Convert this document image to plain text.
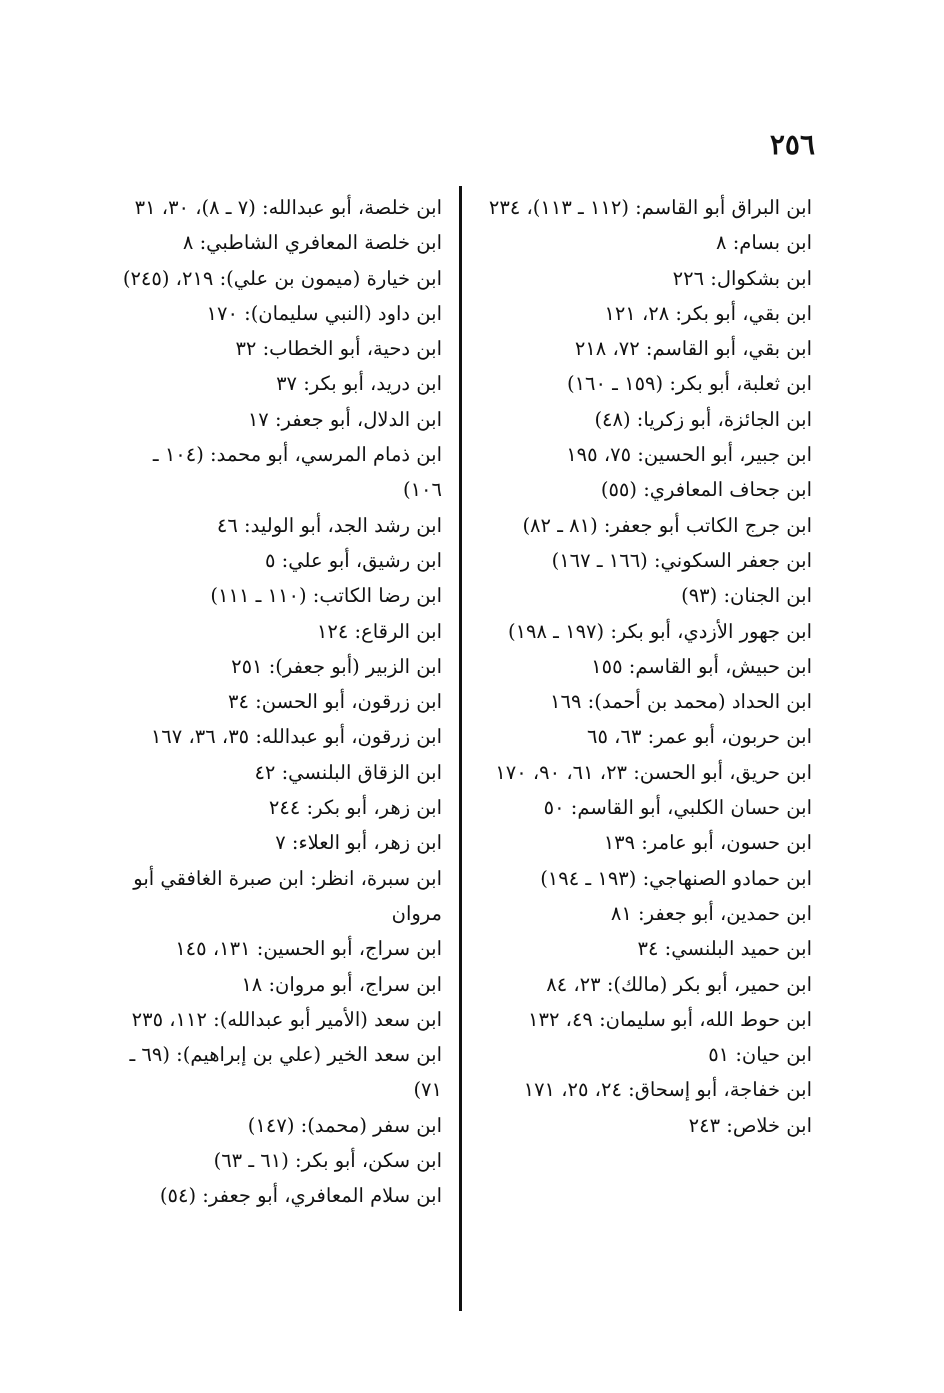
٢٥٦

ابن البراق أبو القاسم: (١١٢ ـ ١١٣)، ٢٣٤

ابن بسام: ٨

ابن بشكوال: ٢٢٦

ابن بقي، أبو بكر: ٢٨، ١٢١

ابن بقي، أبو القاسم: ٧٢، ٢١٨

ابن ثعلبة، أبو بكر: (١٥٩ ـ ١٦٠)

ابن الجائزة، أبو زكريا: (٤٨)

ابن جبير، أبو الحسين: ٧٥، ١٩٥

ابن جحاف المعافري: (٥٥)

ابن جرج الكاتب أبو جعفر: (٨١ ـ ٨٢)

ابن جعفر السكوني: (١٦٦ ـ ١٦٧)

ابن الجنان: (٩٣)

ابن جهور الأزدي، أبو بكر: (١٩٧ ـ ١٩٨)

ابن حبيش، أبو القاسم: ١٥٥

ابن الحداد (محمد بن أحمد): ١٦٩

ابن حربون، أبو عمر: ٦٣، ٦٥

ابن حريق، أبو الحسن: ٢٣، ٦١، ٩٠، ١٧٠

ابن حسان الكلبي، أبو القاسم: ٥٠

ابن حسون، أبو عامر: ١٣٩

ابن حمادو الصنهاجي: (١٩٣ ـ ١٩٤)

ابن حمدين، أبو جعفر: ٨١

ابن حميد البلنسي: ٣٤

ابن حمير، أبو بكر (مالك): ٢٣، ٨٤

ابن حوط الله، أبو سليمان: ٤٩، ١٣٢

ابن حيان: ٥١

ابن خفاجة، أبو إسحاق: ٢٤، ٢٥، ١٧١

ابن خلاص: ٢٤٣

ابن خلصة، أبو عبدالله: (٧ ـ ٨)، ٣٠، ٣١

ابن خلصة المعافري الشاطبي: ٨

ابن خيارة (ميمون بن علي): ٢١٩، (٢٤٥)

ابن داود (النبي سليمان): ١٧٠

ابن دحية، أبو الخطاب: ٣٢

ابن دريد، أبو بكر: ٣٧

ابن الدلال، أبو جعفر: ١٧

ابن ذمام المرسي، أبو محمد: (١٠٤ ـ ١٠٦)

ابن رشد الجد، أبو الوليد: ٤٦

ابن رشيق، أبو علي: ٥

ابن رضا الكاتب: (١١٠ ـ ١١١)

ابن الرقاع: ١٢٤

ابن الزبير (أبو جعفر): ٢٥١

ابن زرقون، أبو الحسن: ٣٤

ابن زرقون، أبو عبدالله: ٣٥، ٣٦، ١٦٧

ابن الزقاق البلنسي: ٤٢

ابن زهر، أبو بكر: ٢٤٤

ابن زهر، أبو العلاء: ٧

ابن سبرة، انظر: ابن صبرة الغافقي أبو مروان

ابن سراج، أبو الحسين: ١٣١، ١٤٥

ابن سراج، أبو مروان: ١٨

ابن سعد (الأمير أبو عبدالله): ١١٢، ٢٣٥

ابن سعد الخير (علي بن إبراهيم): (٦٩ ـ ٧١)

ابن سفر (محمد): (١٤٧)

ابن سكن، أبو بكر: (٦١ ـ ٦٣)

ابن سلام المعافري، أبو جعفر: (٥٤)
